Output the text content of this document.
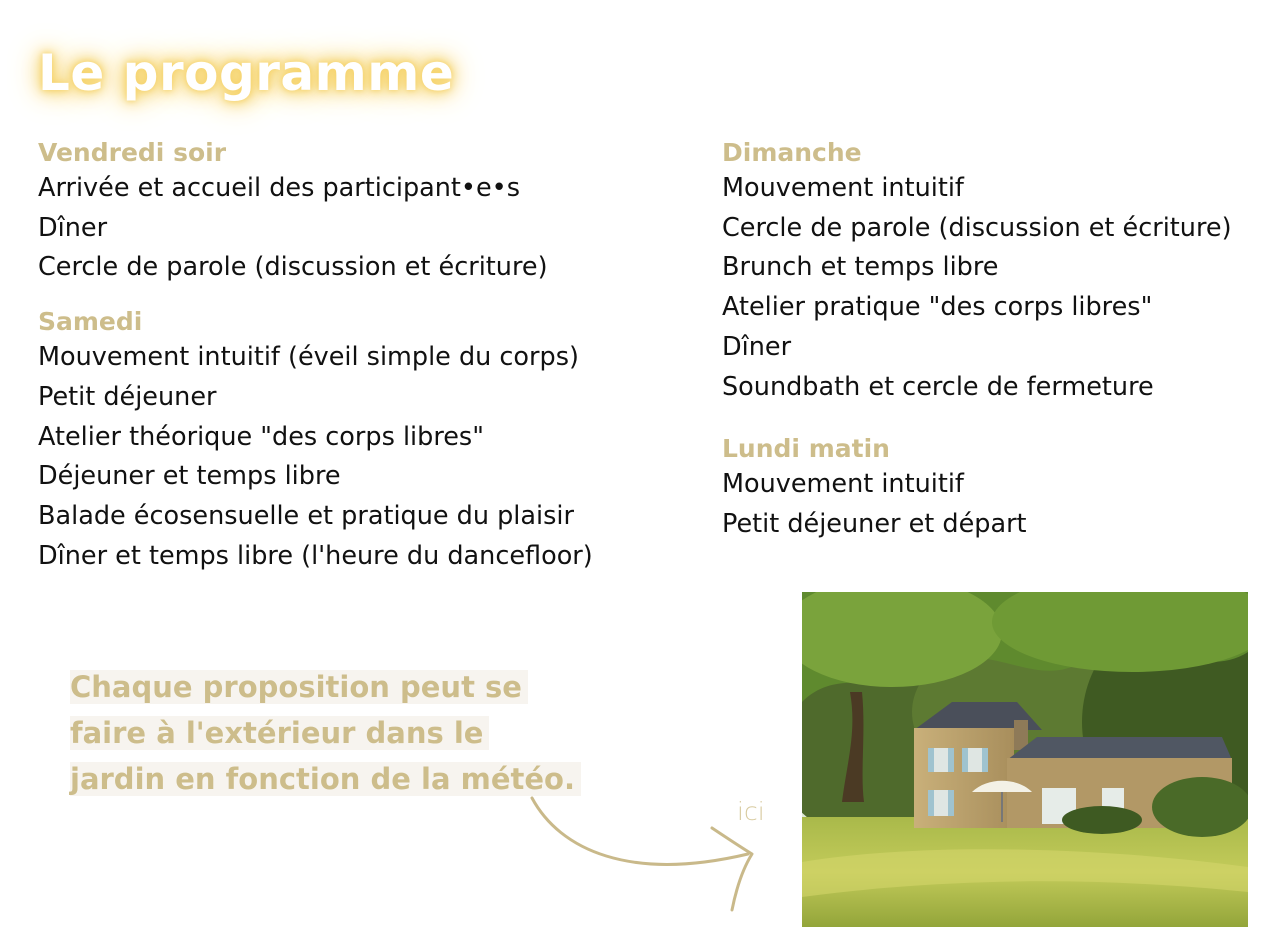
Le programme
Vendredi soir
Arrivée et accueil des participant•e•s
Dîner
Cercle de parole (discussion et écriture)
Samedi
Mouvement intuitif (éveil simple du corps)
Petit déjeuner
Atelier théorique "des corps libres"
Déjeuner et temps libre
Balade écosensuelle et pratique du plaisir
Dîner et temps libre (l'heure du dancefloor)
Dimanche
Mouvement intuitif
Cercle de parole (discussion et écriture)
Brunch et temps libre
Atelier pratique "des corps libres"
Dîner
Soundbath et cercle de fermeture
Lundi matin
Mouvement intuitif
Petit déjeuner et départ
Chaque proposition peut se
faire à l'extérieur dans le
jardin en fonction de la météo.
ici
